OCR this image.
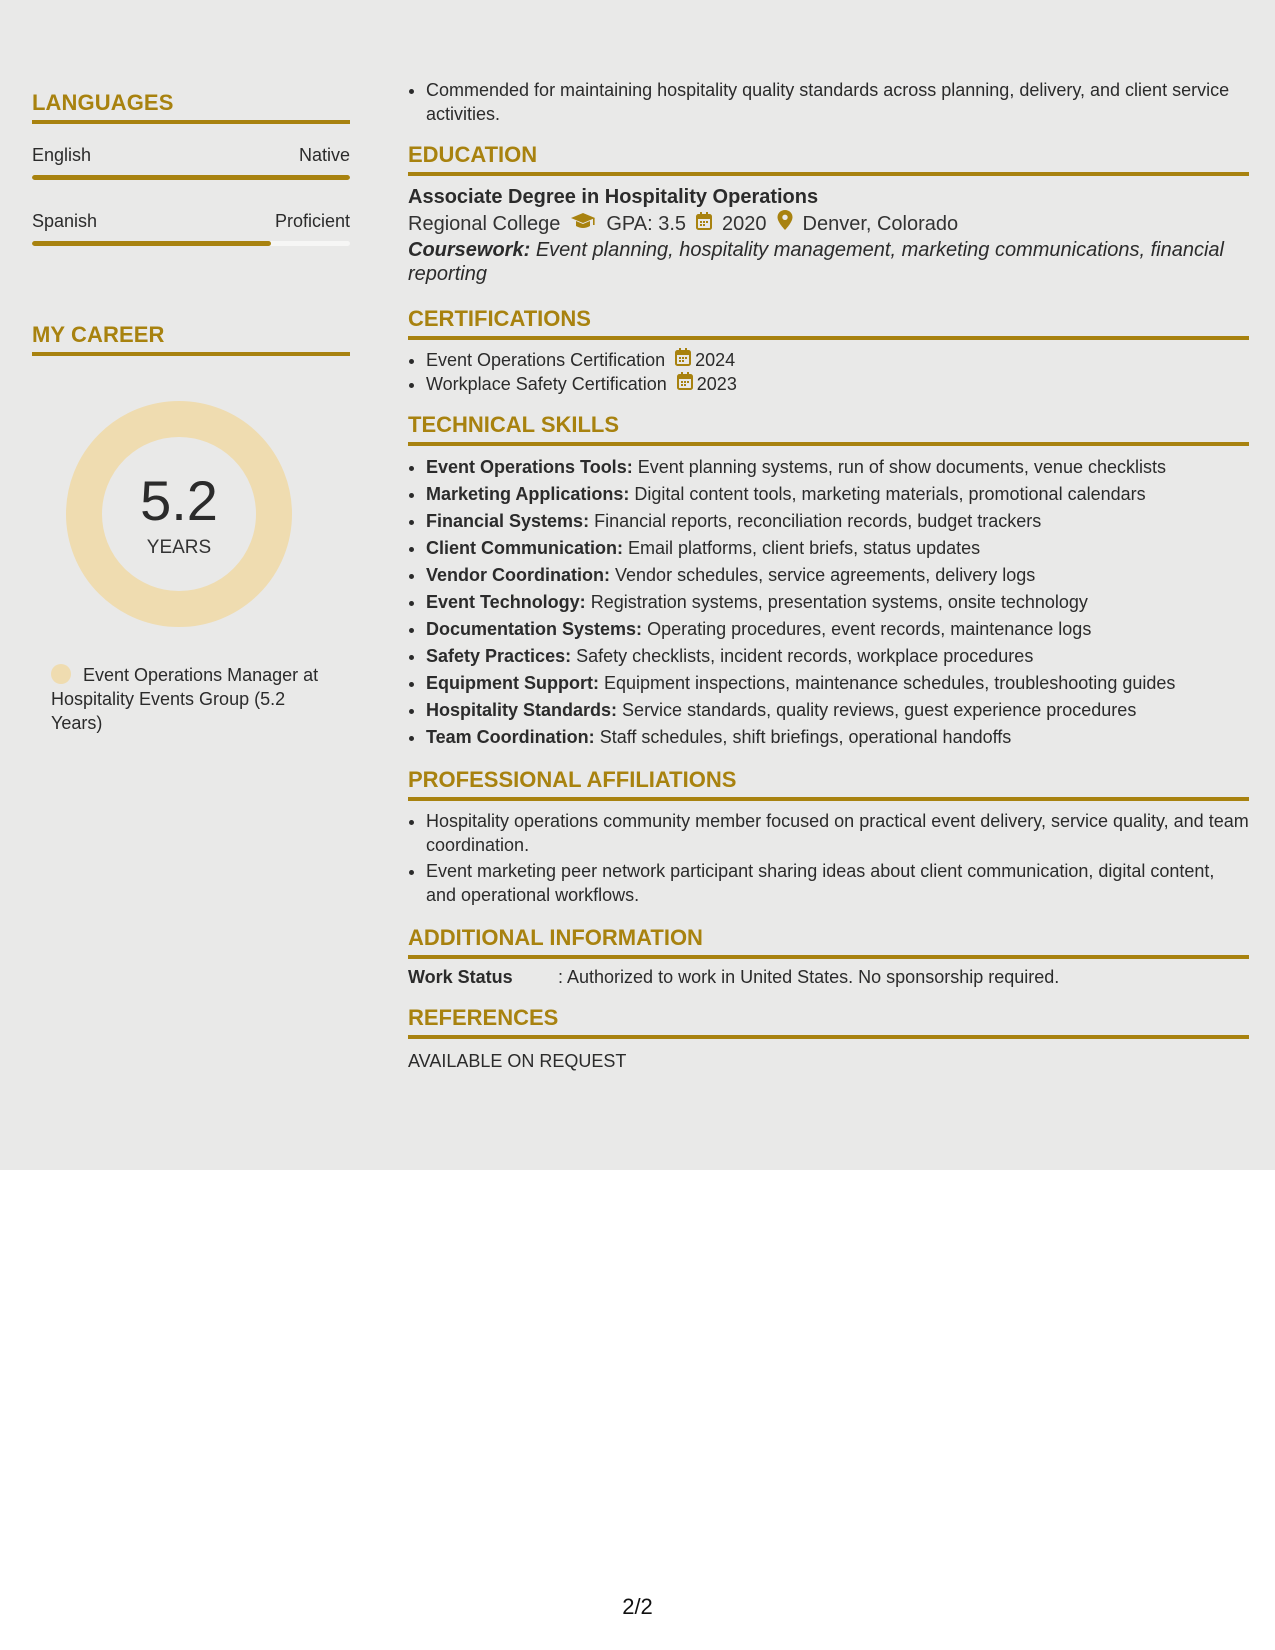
LANGUAGES
English	Native
Spanish	Proficient
MY CAREER
5.2
YEARS
Event Operations Manager at Hospitality Events Group (5.2 Years)
• Commended for maintaining hospitality quality standards across planning, delivery, and client service activities.
EDUCATION
Associate Degree in Hospitality Operations
Regional College GPA: 3.5 2020 Denver, Colorado
Coursework: Event planning, hospitality management, marketing communications, financial reporting
CERTIFICATIONS
• Event Operations Certification 2024
• Workplace Safety Certification 2023
TECHNICAL SKILLS
• Event Operations Tools: Event planning systems, run of show documents, venue checklists
• Marketing Applications: Digital content tools, marketing materials, promotional calendars
• Financial Systems: Financial reports, reconciliation records, budget trackers
• Client Communication: Email platforms, client briefs, status updates
• Vendor Coordination: Vendor schedules, service agreements, delivery logs
• Event Technology: Registration systems, presentation systems, onsite technology
• Documentation Systems: Operating procedures, event records, maintenance logs
• Safety Practices: Safety checklists, incident records, workplace procedures
• Equipment Support: Equipment inspections, maintenance schedules, troubleshooting guides
• Hospitality Standards: Service standards, quality reviews, guest experience procedures
• Team Coordination: Staff schedules, shift briefings, operational handoffs
PROFESSIONAL AFFILIATIONS
• Hospitality operations community member focused on practical event delivery, service quality, and team coordination.
• Event marketing peer network participant sharing ideas about client communication, digital content, and operational workflows.
ADDITIONAL INFORMATION
Work Status	: Authorized to work in United States. No sponsorship required.
REFERENCES
AVAILABLE ON REQUEST
2/2
